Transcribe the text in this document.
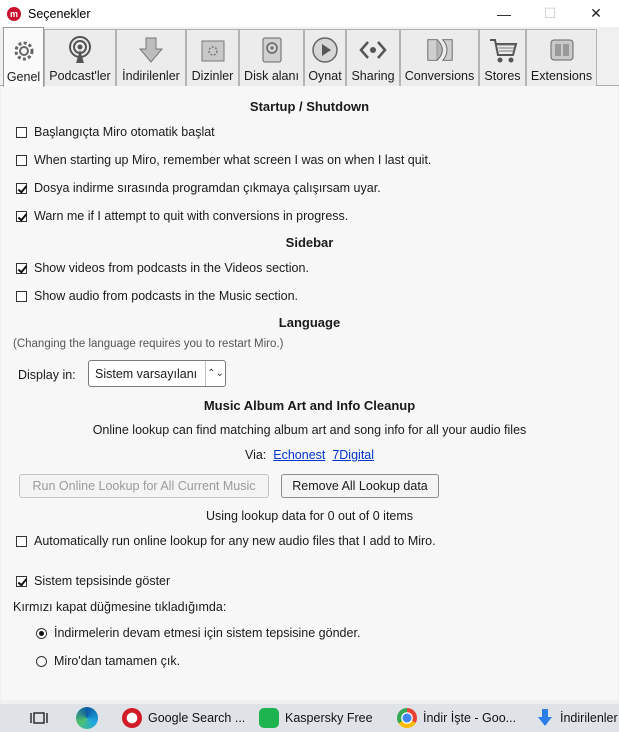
m Seçenekler	—	☐	✕
Genel Podcast'ler İndirilenler Dizinler Disk alanı Oynat Sharing Conversions Stores Extensions
Startup / Shutdown
Başlangıçta Miro otomatik başlat
When starting up Miro, remember what screen I was on when I last quit.
Dosya indirme sırasında programdan çıkmaya çalışırsam uyar.
Warn me if I attempt to quit with conversions in progress.
Sidebar
Show videos from podcasts in the Videos section.
Show audio from podcasts in the Music section.
Language
(Changing the language requires you to restart Miro.)
Display in: Sistem varsayılanı ⌃⌄
Music Album Art and Info Cleanup
Online lookup can find matching album art and song info for all your audio files
Via: Echonest 7Digital
Run Online Lookup for All Current Music	Remove All Lookup data
Using lookup data for 0 out of 0 items
Automatically run online lookup for any new audio files that I add to Miro.
Sistem tepsisinde göster
Kırmızı kapat düğmesine tıkladığımda:
İndirmelerin devam etmesi için sistem tepsisine gönder.
Miro'dan tamamen çık.
Google Search ...	Kaspersky Free	İndir İşte - Goo...	İndirilenler
